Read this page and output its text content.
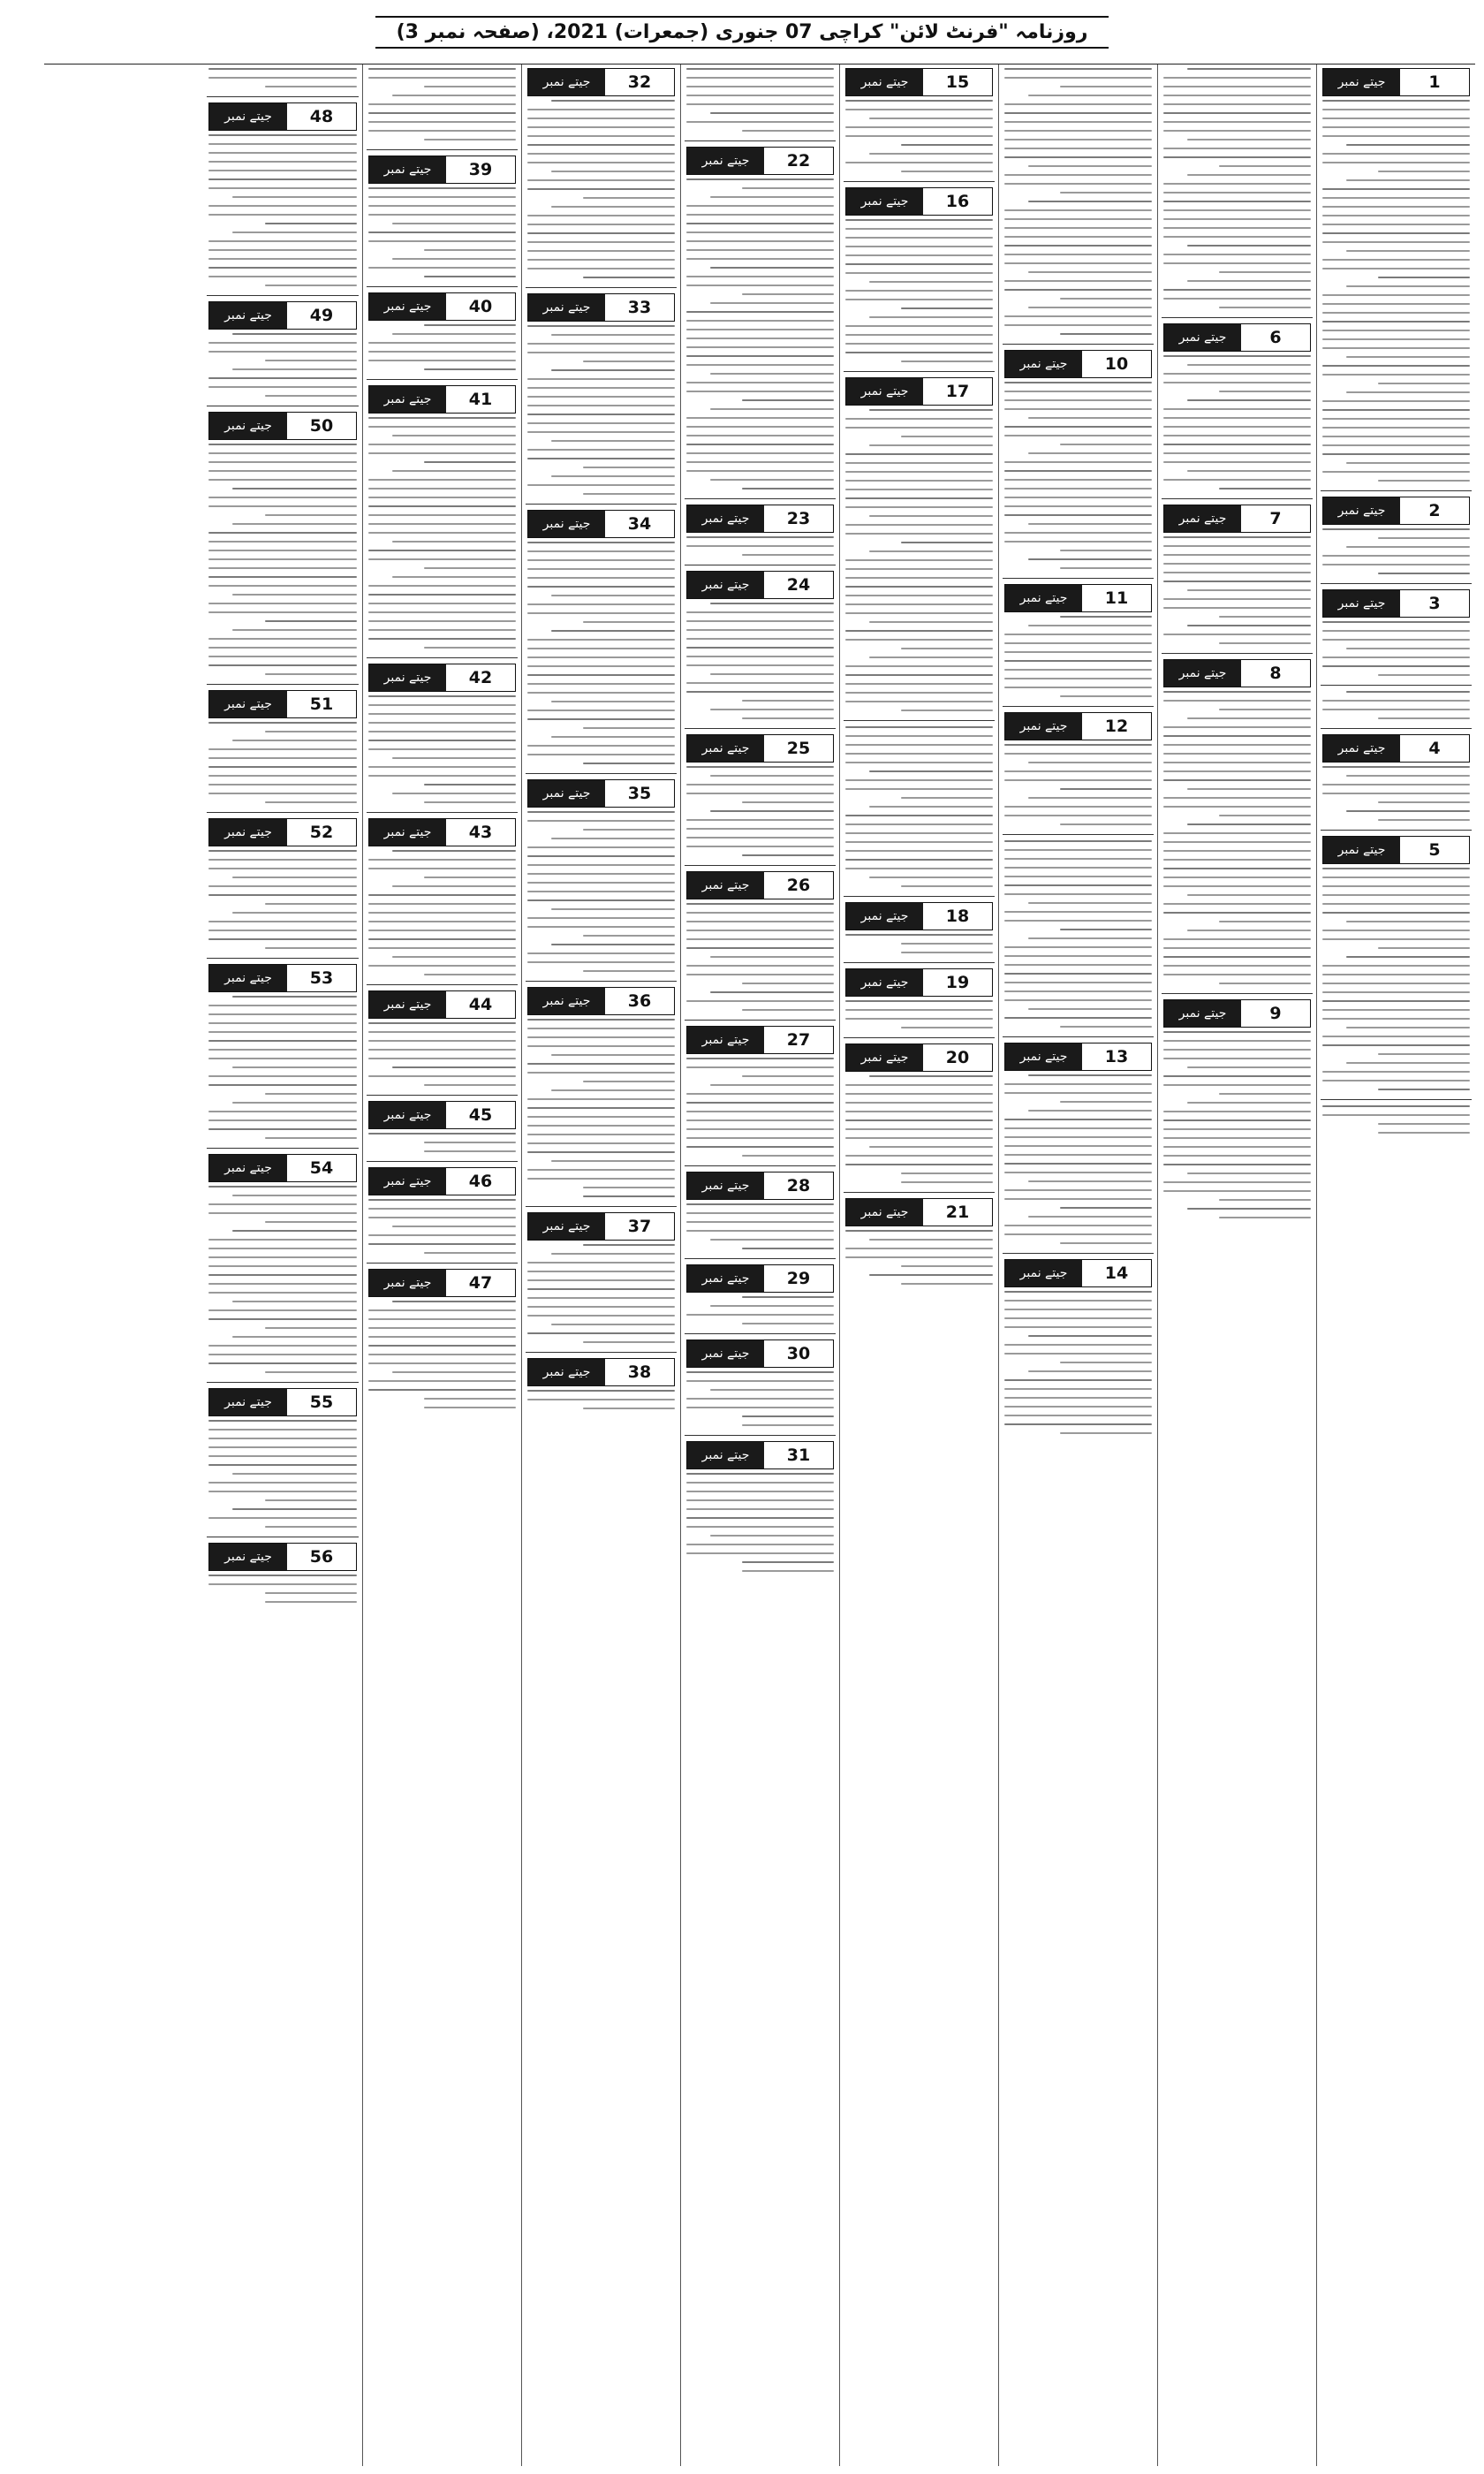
روزنامہ "فرنٹ لائن" کراچی 07 جنوری (جمعرات) 2021، (صفحہ نمبر 3)
جیتے نمبر	1
جیتے نمبر	2
جیتے نمبر	3
جیتے نمبر	4
جیتے نمبر	5
جیتے نمبر	6
جیتے نمبر	7
جیتے نمبر	8
جیتے نمبر	9
جیتے نمبر	10
جیتے نمبر	11
جیتے نمبر	12
جیتے نمبر	13
جیتے نمبر	14
جیتے نمبر	15
جیتے نمبر	16
جیتے نمبر	17
جیتے نمبر	18
جیتے نمبر	19
جیتے نمبر	20
جیتے نمبر	21
جیتے نمبر	22
جیتے نمبر	23
جیتے نمبر	24
جیتے نمبر	25
جیتے نمبر	26
جیتے نمبر	27
جیتے نمبر	28
جیتے نمبر	29
جیتے نمبر	30
جیتے نمبر	31
جیتے نمبر	32
جیتے نمبر	33
جیتے نمبر	34
جیتے نمبر	35
جیتے نمبر	36
جیتے نمبر	37
جیتے نمبر	38
جیتے نمبر	39
جیتے نمبر	40
جیتے نمبر	41
جیتے نمبر	42
جیتے نمبر	43
جیتے نمبر	44
جیتے نمبر	45
جیتے نمبر	46
جیتے نمبر	47
جیتے نمبر	48
جیتے نمبر	49
جیتے نمبر	50
جیتے نمبر	51
جیتے نمبر	52
جیتے نمبر	53
جیتے نمبر	54
جیتے نمبر	55
جیتے نمبر	56
